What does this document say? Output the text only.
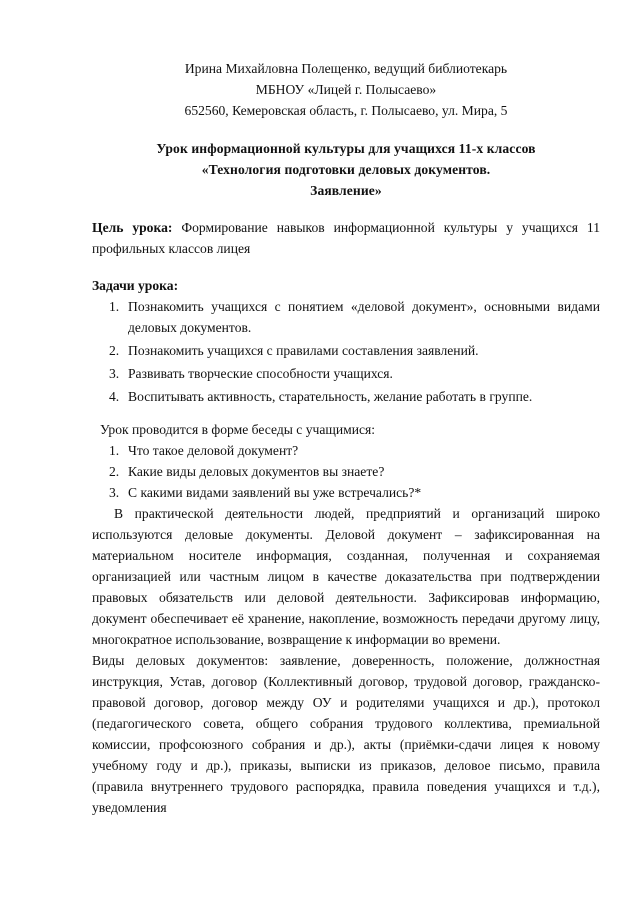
Ирина Михайловна Полещенко, ведущий библиотекарь
МБНОУ «Лицей г. Полысаево»
652560, Кемеровская область, г. Полысаево, ул. Мира, 5
Урок информационной культуры для учащихся 11-х классов
«Технология подготовки деловых документов.
Заявление»
Цель урока: Формирование навыков информационной культуры у учащихся 11 профильных классов лицея
Задачи урока:
1. Познакомить учащихся с понятием «деловой документ», основными видами деловых документов.
2. Познакомить учащихся с правилами составления заявлений.
3. Развивать творческие способности учащихся.
4. Воспитывать активность, старательность, желание работать в группе.
Урок проводится в форме беседы с учащимися:
1. Что такое деловой документ?
2. Какие виды деловых документов вы знаете?
3. С какими видами заявлений вы уже встречались?*
В практической деятельности людей, предприятий и организаций широко используются деловые документы. Деловой документ – зафиксированная на материальном носителе информация, созданная, полученная и сохраняемая организацией или частным лицом в качестве доказательства при подтверждении правовых обязательств или деловой деятельности. Зафиксировав информацию, документ обеспечивает её хранение, накопление, возможность передачи другому лицу, многократное использование, возвращение к информации во времени.
Виды деловых документов: заявление, доверенность, положение, должностная инструкция, Устав, договор (Коллективный договор, трудовой договор, гражданско-правовой договор, договор между ОУ и родителями учащихся и др.), протокол (педагогического совета, общего собрания трудового коллектива, премиальной комиссии, профсоюзного собрания и др.), акты (приёмки-сдачи лицея к новому учебному году и др.), приказы, выписки из приказов, деловое письмо, правила (правила внутреннего трудового распорядка, правила поведения учащихся и т.д.), уведомления
